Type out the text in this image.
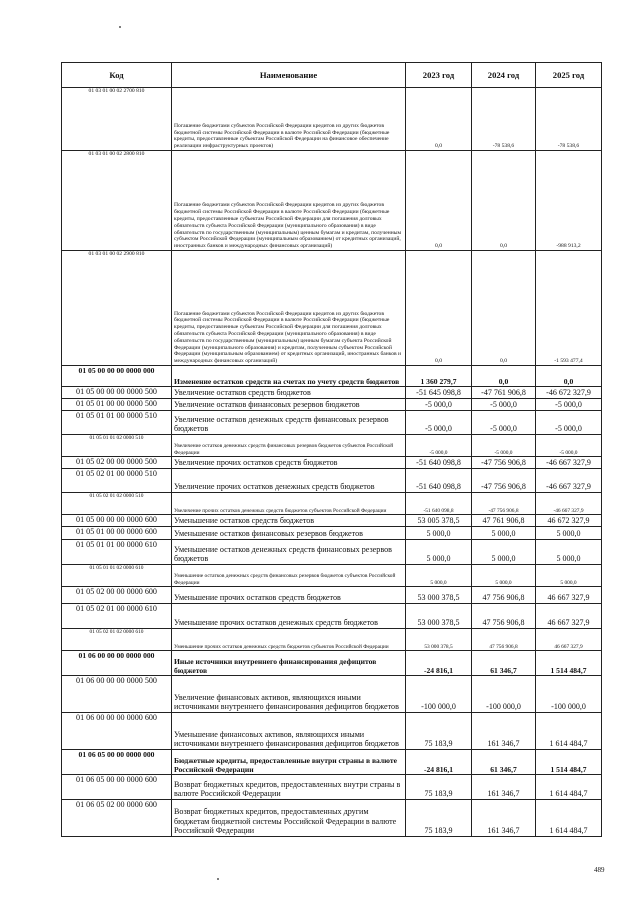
Код	Наименование	2023 год	2024 год	2025 год
01 03 01 00 02 2700 810	Погашение бюджетами субъектов Российской Федерации кредитов из других бюджетов бюджетной системы Российской Федерации в валюте Российской Федерации (бюджетные кредиты, предоставленные субъектам Российской Федерации на финансовое обеспечение реализации инфраструктурных проектов)	0,0	-78 538,6	-78 538,6
01 03 01 00 02 2800 810	Погашение бюджетами субъектов Российской Федерации кредитов из других бюджетов бюджетной системы Российской Федерации в валюте Российской Федерации (бюджетные кредиты, предоставленные субъектам Российской Федерации для погашения долговых обязательств субъекта Российской Федерации (муниципального образования) в виде обязательств по государственным (муниципальным) ценным бумагам и кредитам, полученным субъектом Российской Федерации (муниципальным образованием) от кредитных организаций, иностранных банков и международных финансовых организаций)	0,0	0,0	-988 913,2
01 03 01 00 02 2900 810	Погашение бюджетами субъектов Российской Федерации кредитов из других бюджетов бюджетной системы Российской Федерации в валюте Российской Федерации (бюджетные кредиты, предоставленные субъектам Российской Федерации для погашения долговых обязательств субъекта Российской Федерации (муниципального образования) в виде обязательств по государственным (муниципальным) ценным бумагам субъекта Российской Федерации (муниципального образования) и кредитам, полученным субъектом Российской Федерации (муниципальным образованием) от кредитных организаций, иностранных банков и международных финансовых организаций)	0,0	0,0	-1 593 477,4
01 05 00 00 00 0000 000	Изменение остатков средств на счетах по учету средств бюджетов	1 360 279,7	0,0	0,0
01 05 00 00 00 0000 500	Увеличение остатков средств бюджетов	-51 645 098,8	-47 761 906,8	-46 672 327,9
01 05 01 00 00 0000 500	Увеличение остатков финансовых резервов бюджетов	-5 000,0	-5 000,0	-5 000,0
01 05 01 01 00 0000 510	Увеличение остатков денежных средств финансовых резервов бюджетов	-5 000,0	-5 000,0	-5 000,0
01 05 01 01 02 0000 510	Увеличение остатков денежных средств финансовых резервов бюджетов субъектов Российской Федерации	-5 000,0	-5 000,0	-5 000,0
01 05 02 00 00 0000 500	Увеличение прочих остатков средств бюджетов	-51 640 098,8	-47 756 906,8	-46 667 327,9
01 05 02 01 00 0000 510	Увеличение прочих остатков денежных средств бюджетов	-51 640 098,8	-47 756 906,8	-46 667 327,9
01 05 02 01 02 0000 510	Увеличение прочих остатков денежных средств бюджетов субъектов Российской Федерации	-51 640 098,8	-47 756 906,8	-46 667 327,9
01 05 00 00 00 0000 600	Уменьшение остатков средств бюджетов	53 005 378,5	47 761 906,8	46 672 327,9
01 05 01 00 00 0000 600	Уменьшение остатков финансовых резервов бюджетов	5 000,0	5 000,0	5 000,0
01 05 01 01 00 0000 610	Уменьшение остатков денежных средств финансовых резервов бюджетов	5 000,0	5 000,0	5 000,0
01 05 01 01 02 0000 610	Уменьшение остатков денежных средств финансовых резервов бюджетов субъектов Российской Федерации	5 000,0	5 000,0	5 000,0
01 05 02 00 00 0000 600	Уменьшение прочих остатков средств бюджетов	53 000 378,5	47 756 906,8	46 667 327,9
01 05 02 01 00 0000 610	Уменьшение прочих остатков денежных средств бюджетов	53 000 378,5	47 756 906,8	46 667 327,9
01 05 02 01 02 0000 610	Уменьшение прочих остатков денежных средств бюджетов субъектов Российской Федерации	53 000 378,5	47 756 906,8	46 667 327,9
01 06 00 00 00 0000 000	Иные источники внутреннего финансирования дефицитов бюджетов	-24 816,1	61 346,7	1 514 484,7
01 06 00 00 00 0000 500	Увеличение финансовых активов, являющихся иными источниками внутреннего финансирования дефицитов бюджетов	-100 000,0	-100 000,0	-100 000,0
01 06 00 00 00 0000 600	Уменьшение финансовых активов, являющихся иными источниками внутреннего финансирования дефицитов бюджетов	75 183,9	161 346,7	1 614 484,7
01 06 05 00 00 0000 000	Бюджетные кредиты, предоставленные внутри страны в валюте Российской Федерации	-24 816,1	61 346,7	1 514 484,7
01 06 05 00 00 0000 600	Возврат бюджетных кредитов, предоставленных внутри страны в валюте Российской Федерации	75 183,9	161 346,7	1 614 484,7
01 06 05 02 00 0000 600	Возврат бюджетных кредитов, предоставленных другим бюджетам бюджетной системы Российской Федерации в валюте Российской Федерации	75 183,9	161 346,7	1 614 484,7
489
